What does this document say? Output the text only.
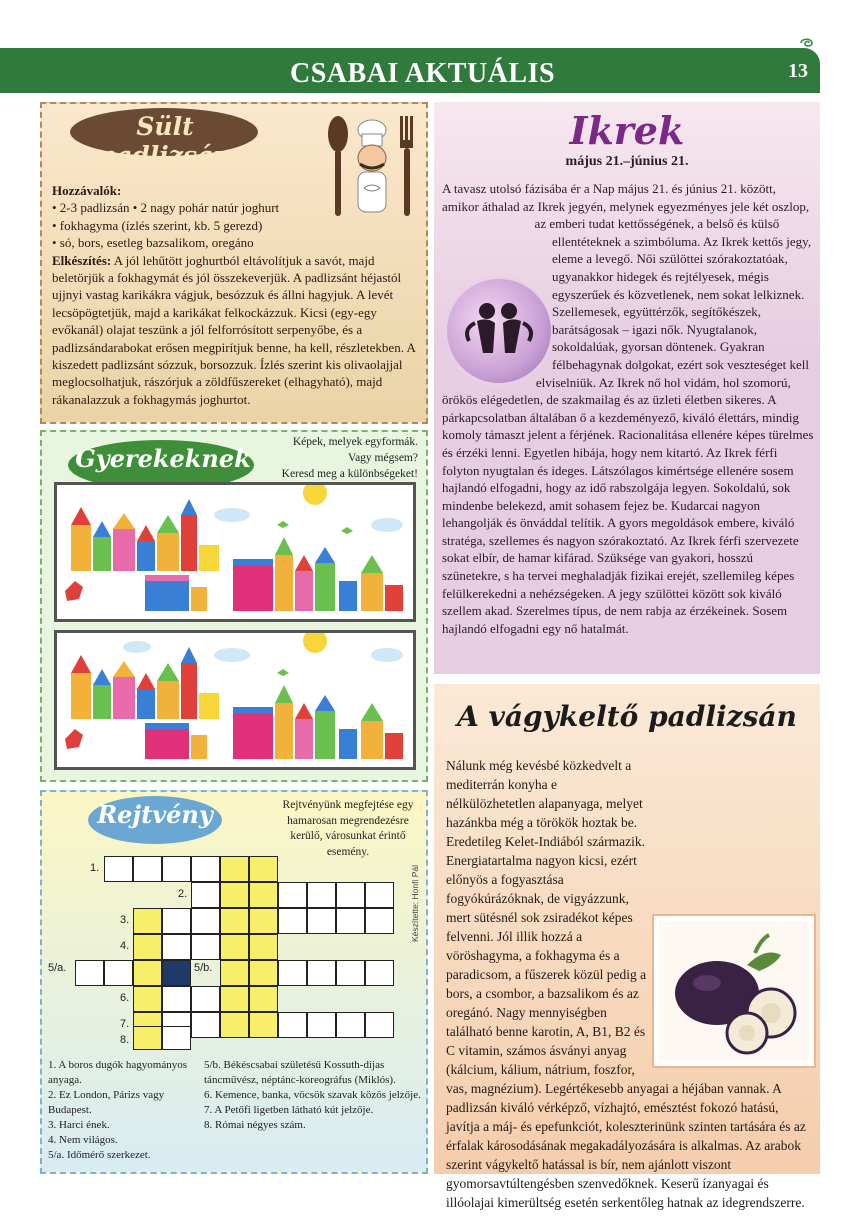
CSABAI AKTUÁLIS	13
Sült padlizsán
Hozzávalók:
• 2-3 padlizsán • 2 nagy pohár natúr joghurt
• fokhagyma (ízlés szerint, kb. 5 gerezd)
• só, bors, esetleg bazsalikom, oregáno
Elkészítés: A jól lehűtött joghurtból eltávolítjuk a savót, majd beletörjük a fokhagymát és jól összekeverjük. A padlizsánt héjastól ujjnyi vastag karikákra vágjuk, besózzuk és állni hagyjuk. A levét lecsöpögtetjük, majd a karikákat felkockázzuk. Kicsi (egy-egy evőkanál) olajat teszünk a jól felforrósított serpenyőbe, és a padlizsándarabokat erősen megpirítjuk benne, ha kell, részletekben. A kiszedett padlizsánt sózzuk, borsozzuk. Ízlés szerint kis olivaolajjal meglocsolhatjuk, rászórjuk a zöldfűszereket (elhagyható), majd rákanalazzuk a fokhagymás joghurtot.
Gyerekeknek
Képek, melyek egyformák.
Vagy mégsem?
Keresd meg a különbségeket!
Rejtvény	Rejtvényünk megfejtése egy hamarosan megrendezésre kerülő, városunkat érintő esemény.
Készítette: Honfi Pál
1.
2.
3.
4.
5/a.	5/b.
6.
7.
8.
1. A boros dugók hagyományos anyaga.
2. Ez London, Párizs vagy Budapest.
3. Harci ének.
4. Nem világos.
5/a. Időmérő szerkezet.
5/b. Békéscsabai születésű Kossuth-díjas táncművész, néptánc-koreográfus (Miklós).
6. Kemence, banka, vöcsök szavak közös jelzője.
7. A Petőfi ligetben látható kút jelzője.
8. Római négyes szám.
Ikrek
május 21.–június 21.
A tavasz utolsó fázisába ér a Nap május 21. és június 21. között, amikor áthalad az Ikrek jegyén, melynek egyezményes jele két oszlop, az emberi tudat kettősségének, a belső és külső ellentéteknek a szimbóluma. Az Ikrek kettős jegy, eleme a levegő. Női szülöttei szórakoztatóak, ugyanakkor hidegek és rejtélyesek, mégis egyszerűek és közvetlenek, nem sokat lelkiznek. Szellemesek, együttérzők, segítőkészek, barátságosak – igazi nők. Nyugtalanok, sokoldalúak, gyorsan döntenek. Gyakran félbehagynak dolgokat, ezért sok veszteséget kell elviselniük. Az Ikrek nő hol vidám, hol szomorú, örökös elégedetlen, de szakmailag és az üzleti életben sikeres. A párkapcsolatban általában ő a kezdeményező, kiváló élettárs, mindig komoly támaszt jelent a férjének. Racionalitása ellenére képes türelmes és érzéki lenni. Egyetlen hibája, hogy nem kitartó. Az Ikrek férfi folyton nyugtalan és ideges. Látszólagos kimértsége ellenére sosem hajlandó elfogadni, hogy az idő rabszolgája legyen. Sokoldalú, sok mindenbe belekezd, amit sohasem fejez be. Kudarcai nagyon lehangolják és önváddal telítik. A gyors megoldások embere, kiváló stratéga, szellemes és nagyon szórakoztató. Az Ikrek férfi szervezete sokat elbír, de hamar kifárad. Szüksége van gyakori, hosszú szünetekre, s ha tervei meghaladják fizikai erejét, szellemileg képes felülkerekedni a nehézségeken. A jegy szülöttei között sok kiváló szellem akad. Szerelmes típus, de nem rabja az érzékeinek. Sosem hajlandó elfogadni egy nő hatalmát.
A vágykeltő padlizsán
Nálunk még kevésbé közkedvelt a mediterrán konyha e nélkülözhetetlen alapanyaga, melyet hazánkba még a törökök hoztak be. Eredetileg Kelet-Indiából származik. Energiatartalma nagyon kicsi, ezért előnyös a fogyasztása fogyókúrázóknak, de vigyázzunk, mert sütésnél sok zsiradékot képes felvenni. Jól illik hozzá a vöröshagyma, a fokhagyma és a paradicsom, a fűszerek közül pedig a bors, a csombor, a bazsalikom és az oregánó. Nagy mennyiségben található benne karotin, A, B1, B2 és C vitamin, számos ásványi anyag (kálcium, kálium, nátrium, foszfor, vas, magnézium). Legértékesebb anyagai a héjában vannak. A padlizsán kiváló vérképző, vízhajtó, emésztést fokozó hatású, javítja a máj- és epefunkciót, koleszterinünk szinten tartására és az érfalak károsodásának megakadályozására is alkalmas. Az arabok szerint vágykeltő hatással is bír, nem ajánlott viszont gyomorsavtúltengésben szenvedőknek. Keserű ízanyagai és illóolajai kimerültség esetén serkentőleg hatnak az idegrendszerre.
